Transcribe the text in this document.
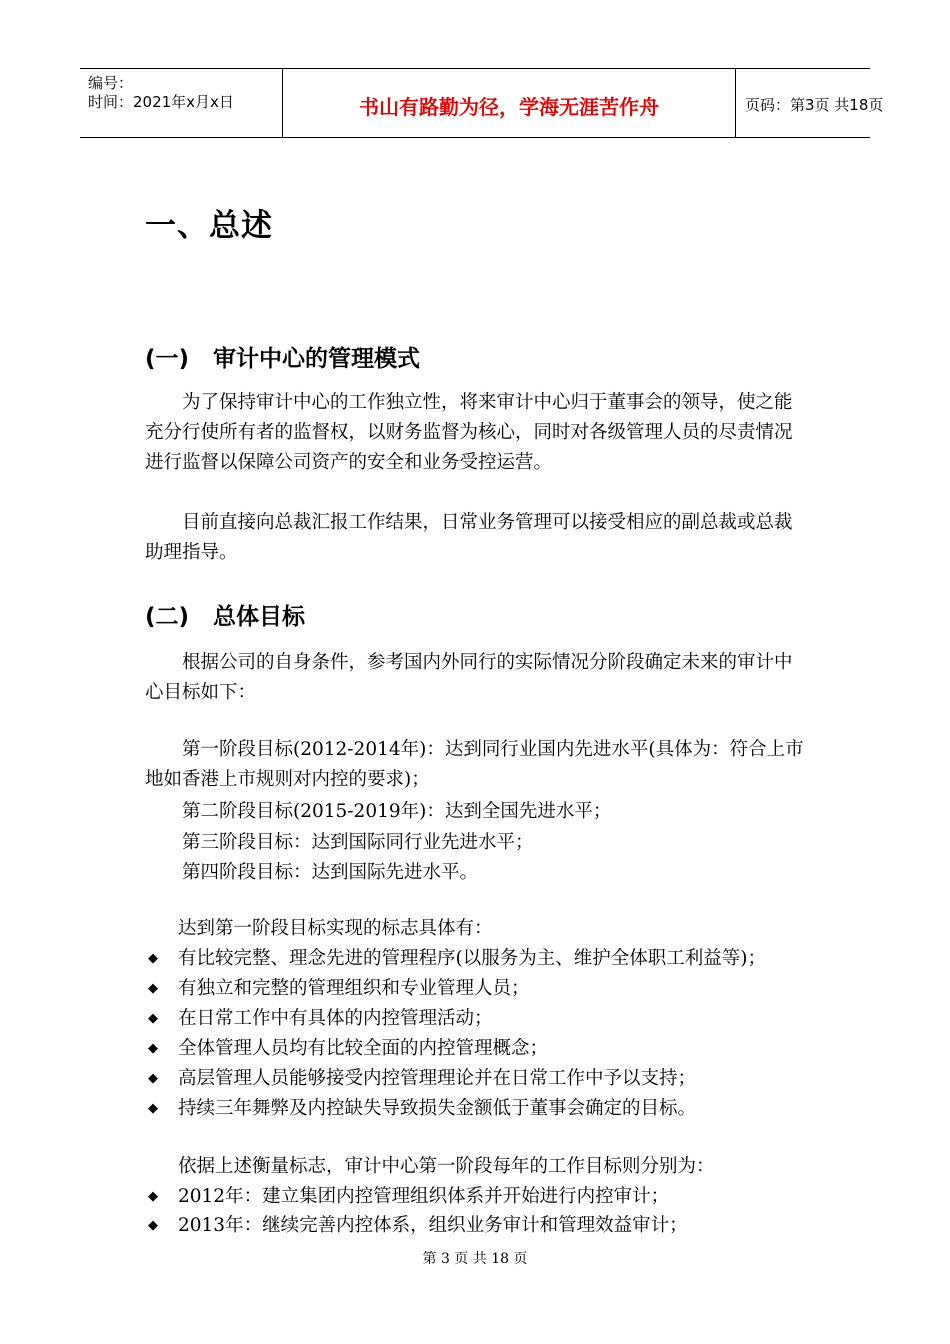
编号：
时间：2021年x月x日	书山有路勤为径，学海无涯苦作舟	页码：第3页 共18页
一、总述
(一) 审计中心的管理模式
为了保持审计中心的工作独立性，将来审计中心归于董事会的领导，使之能充分行使所有者的监督权，以财务监督为核心，同时对各级管理人员的尽责情况进行监督以保障公司资产的安全和业务受控运营。
目前直接向总裁汇报工作结果，日常业务管理可以接受相应的副总裁或总裁助理指导。
(二) 总体目标
根据公司的自身条件，参考国内外同行的实际情况分阶段确定未来的审计中心目标如下：
第一阶段目标(2012-2014年)：达到同行业国内先进水平(具体为：符合上市地如香港上市规则对内控的要求)；
第二阶段目标(2015-2019年)：达到全国先进水平；
第三阶段目标：达到国际同行业先进水平；
第四阶段目标：达到国际先进水平。
达到第一阶段目标实现的标志具体有：
◆ 有比较完整、理念先进的管理程序(以服务为主、维护全体职工利益等)；
◆ 有独立和完整的管理组织和专业管理人员；
◆ 在日常工作中有具体的内控管理活动；
◆ 全体管理人员均有比较全面的内控管理概念；
◆ 高层管理人员能够接受内控管理理论并在日常工作中予以支持；
◆ 持续三年舞弊及内控缺失导致损失金额低于董事会确定的目标。
依据上述衡量标志，审计中心第一阶段每年的工作目标则分别为：
◆ 2012年：建立集团内控管理组织体系并开始进行内控审计；
◆ 2013年：继续完善内控体系，组织业务审计和管理效益审计；
第 3 页 共 18 页
